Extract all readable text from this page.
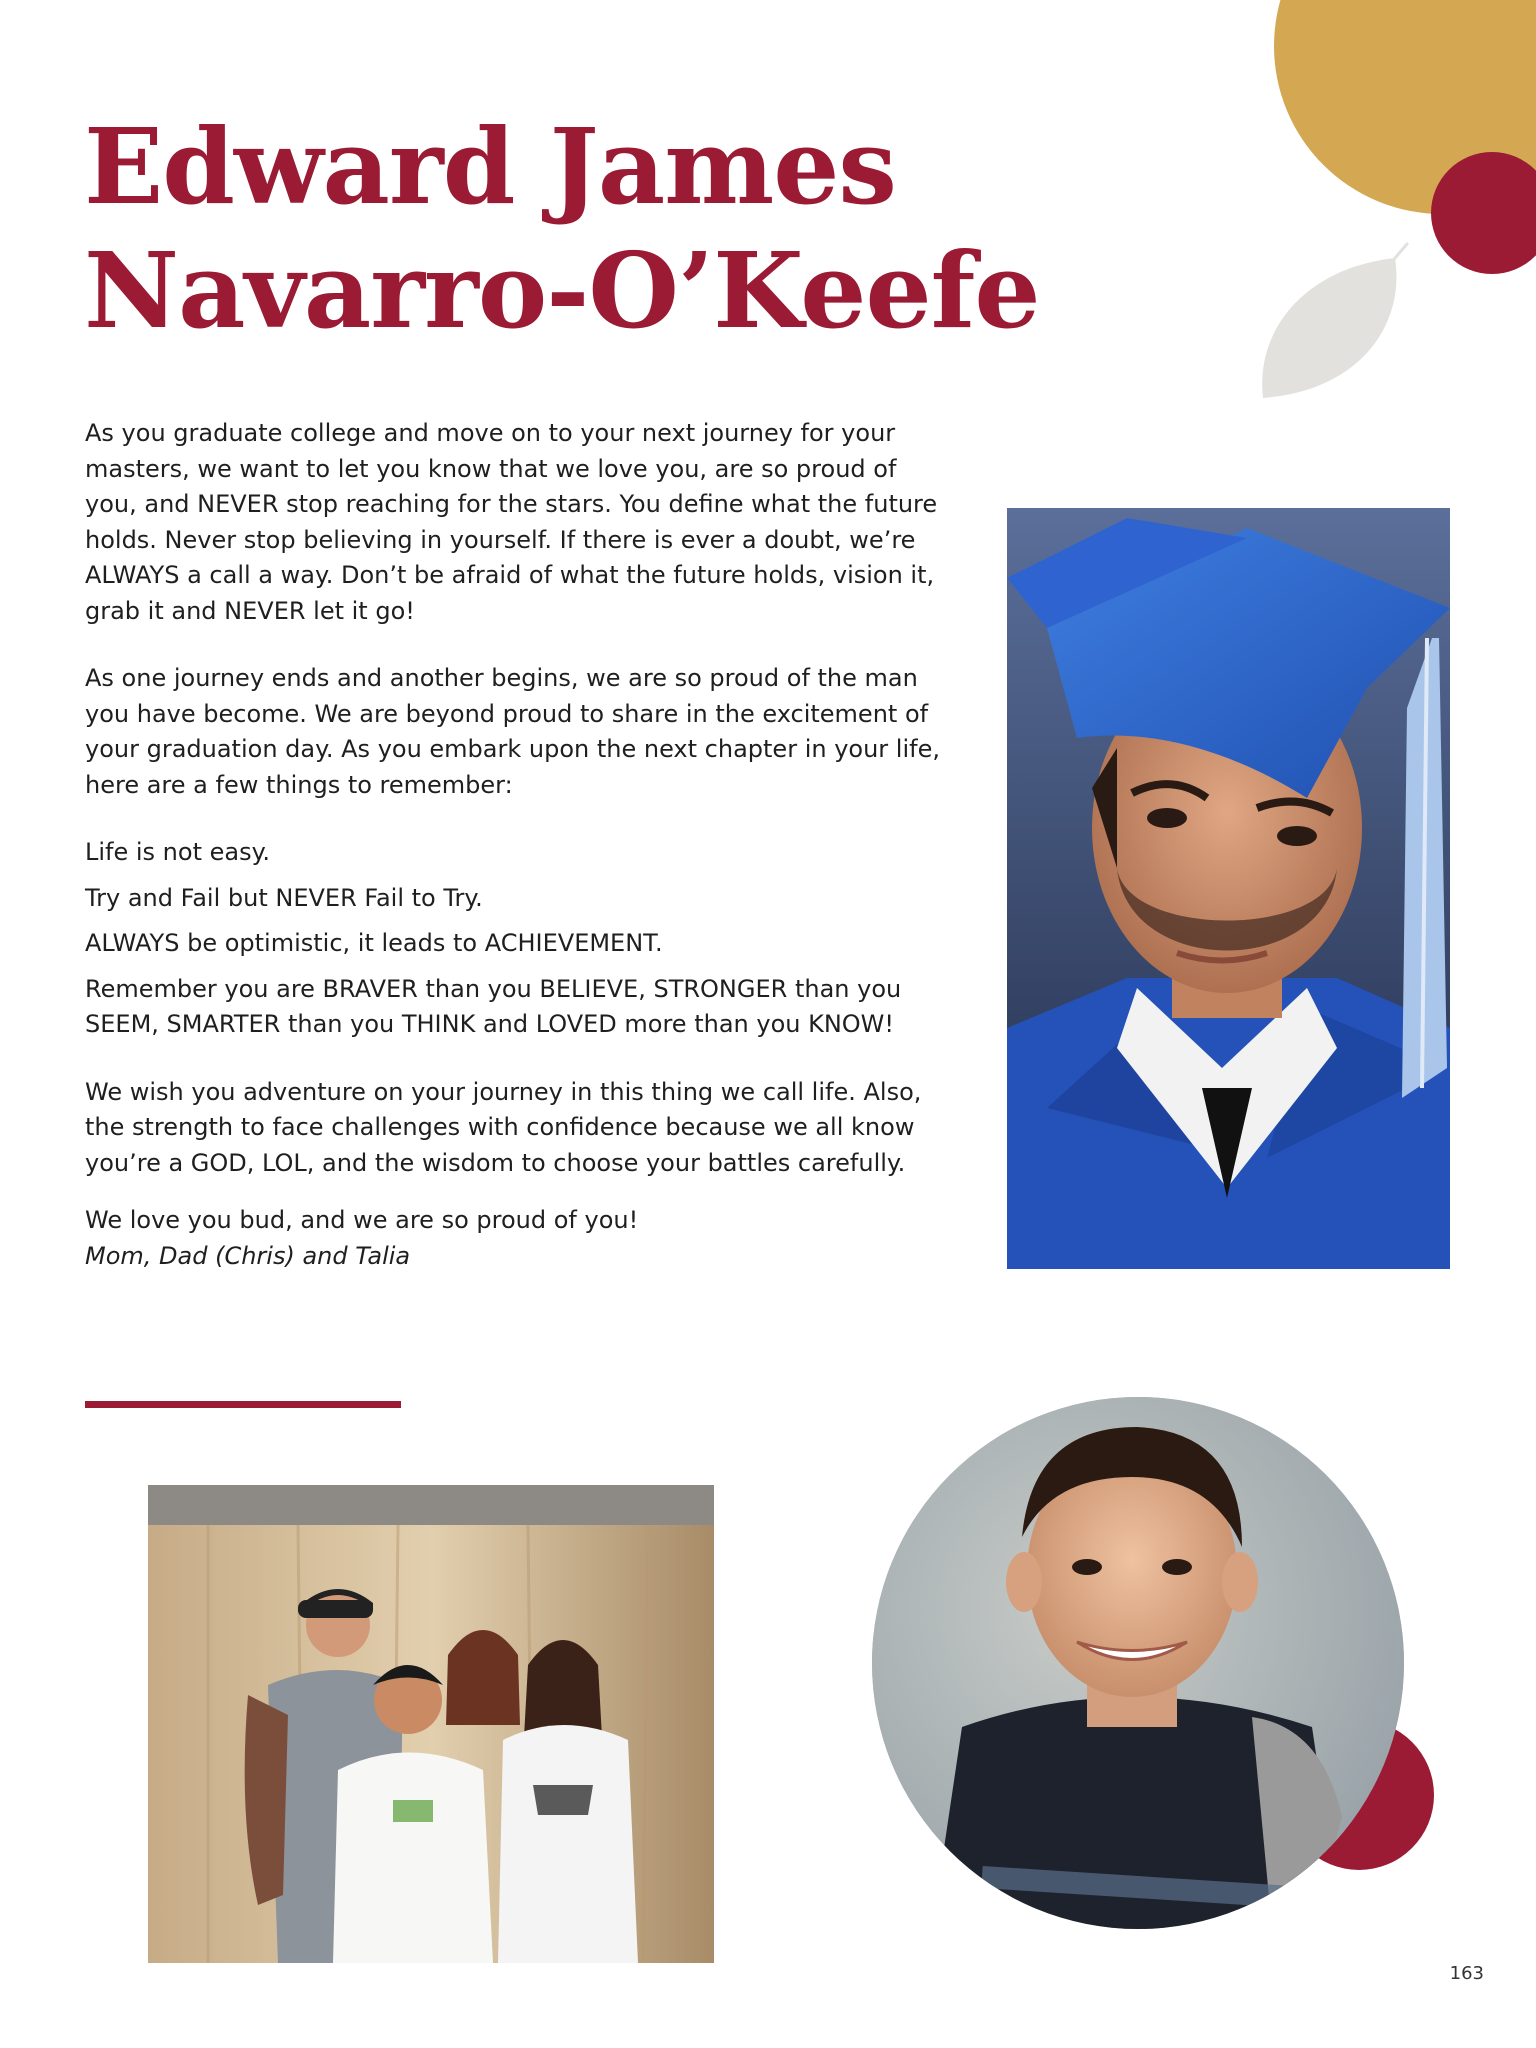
Edward James
Navarro-O’Keefe

As you graduate college and move on to your next journey for your masters, we want to let you know that we love you, are so proud of you, and NEVER stop reaching for the stars. You define what the future holds. Never stop believing in yourself. If there is ever a doubt, we’re ALWAYS a call a way. Don’t be afraid of what the future holds, vision it, grab it and NEVER let it go!

As one journey ends and another begins, we are so proud of the man you have become. We are beyond proud to share in the excitement of your graduation day. As you embark upon the next chapter in your life, here are a few things to remember:

Life is not easy.

Try and Fail but NEVER Fail to Try.

ALWAYS be optimistic, it leads to ACHIEVEMENT.

Remember you are BRAVER than you BELIEVE, STRONGER than you SEEM, SMARTER than you THINK and LOVED more than you KNOW!

We wish you adventure on your journey in this thing we call life. Also, the strength to face challenges with confidence because we all know you’re a GOD, LOL, and the wisdom to choose your battles carefully.

We love you bud, and we are so proud of you!

Mom, Dad (Chris) and Talia

163
